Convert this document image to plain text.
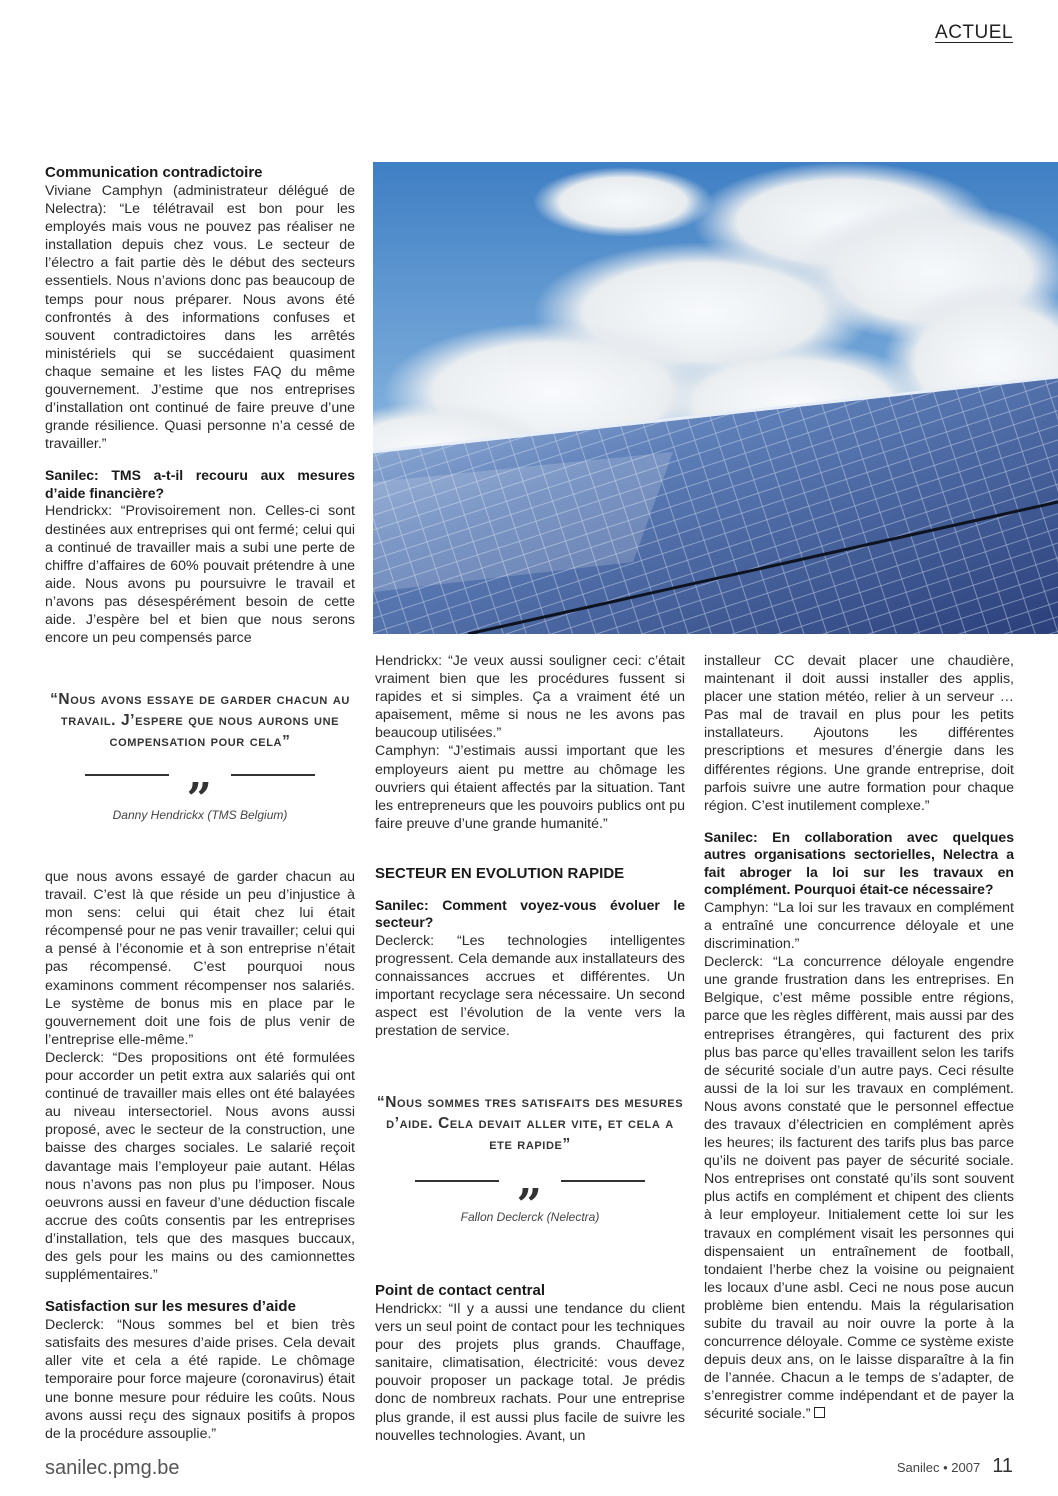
ACTUEL
Communication contradictoire

Viviane Camphyn (administrateur délégué de Nelectra): “Le télétravail est bon pour les employés mais vous ne pouvez pas réaliser ne installation depuis chez vous. Le secteur de l’électro a fait partie dès le début des secteurs essentiels. Nous n’avions donc pas beaucoup de temps pour nous préparer. Nous avons été confrontés à des informations confuses et souvent contradictoires dans les arrêtés ministériels qui se succédaient quasiment chaque semaine et les listes FAQ du même gouvernement. J’estime que nos entreprises d’installation ont continué de faire preuve d’une grande résilience. Quasi personne n’a cessé de travailler.”

Sanilec: TMS a-t-il recouru aux mesures d’aide financière?

Hendrickx: “Provisoirement non. Celles-ci sont destinées aux entreprises qui ont fermé; celui qui a continué de travailler mais a subi une perte de chiffre d’affaires de 60% pouvait prétendre à une aide. Nous avons pu poursuivre le travail et n’avons pas désespérément besoin de cette aide. J’espère bel et bien que nous serons encore un peu compensés parce

“Nous avons essaye de garder chacun au travail. J’espere que nous aurons une compensation pour cela”
„
Danny Hendrickx (TMS Belgium)

que nous avons essayé de garder chacun au travail. C’est là que réside un peu d’injustice à mon sens: celui qui était chez lui était récompensé pour ne pas venir travailler; celui qui a pensé à l’économie et à son entreprise n’était pas récompensé. C’est pourquoi nous examinons comment récompenser nos salariés. Le système de bonus mis en place par le gouvernement doit une fois de plus venir de l’entreprise elle-même.”

Declerck: “Des propositions ont été formulées pour accorder un petit extra aux salariés qui ont continué de travailler mais elles ont été balayées au niveau intersectoriel. Nous avons aussi proposé, avec le secteur de la construction, une baisse des charges sociales. Le salarié reçoit davantage mais l’employeur paie autant. Hélas nous n’avons pas non plus pu l’imposer. Nous oeuvrons aussi en faveur d’une déduction fiscale accrue des coûts consentis par les entreprises d’installation, tels que des masques buccaux, des gels pour les mains ou des camionnettes supplémentaires.”

Satisfaction sur les mesures d’aide

Declerck: “Nous sommes bel et bien très satisfaits des mesures d’aide prises. Cela devait aller vite et cela a été rapide. Le chômage temporaire pour force majeure (coronavirus) était une bonne mesure pour réduire les coûts. Nous avons aussi reçu des signaux positifs à propos de la procédure assouplie.”

Hendrickx: “Je veux aussi souligner ceci: c’était vraiment bien que les procédures fussent si rapides et si simples. Ça a vraiment été un apaisement, même si nous ne les avons pas beaucoup utilisées.”

Camphyn: “J’estimais aussi important que les employeurs aient pu mettre au chômage les ouvriers qui étaient affectés par la situation. Tant les entrepreneurs que les pouvoirs publics ont pu faire preuve d’une grande humanité.”

SECTEUR EN EVOLUTION RAPIDE
Sanilec: Comment voyez-vous évoluer le secteur?

Declerck: “Les technologies intelligentes progressent. Cela demande aux installateurs des connaissances accrues et différentes. Un important recyclage sera nécessaire. Un second aspect est l’évolution de la vente vers la prestation de service.

“Nous sommes tres satisfaits des mesures d’aide. Cela devait aller vite, et cela a ete rapide”
„
Fallon Declerck (Nelectra)
Point de contact central

Hendrickx: “Il y a aussi une tendance du client vers un seul point de contact pour les techniques pour des projets plus grands. Chauffage, sanitaire, climatisation, électricité: vous devez pouvoir proposer un package total. Je prédis donc de nombreux rachats. Pour une entreprise plus grande, il est aussi plus facile de suivre les nouvelles technologies. Avant, un

installeur CC devait placer une chaudière, maintenant il doit aussi installer des applis, placer une station météo, relier à un serveur … Pas mal de travail en plus pour les petits installateurs. Ajoutons les différentes prescriptions et mesures d’énergie dans les différentes régions. Une grande entreprise, doit parfois suivre une autre formation pour chaque région. C’est inutilement complexe.”

Sanilec: En collaboration avec quelques autres organisations sectorielles, Nelectra a fait abroger la loi sur les travaux en complément. Pourquoi était-ce nécessaire?

Camphyn: “La loi sur les travaux en complément a entraîné une concurrence déloyale et une discrimination.”

Declerck: “La concurrence déloyale engendre une grande frustration dans les entreprises. En Belgique, c’est même possible entre régions, parce que les règles diffèrent, mais aussi par des entreprises étrangères, qui facturent des prix plus bas parce qu’elles travaillent selon les tarifs de sécurité sociale d’un autre pays. Ceci résulte aussi de la loi sur les travaux en complément. Nous avons constaté que le personnel effectue des travaux d’électricien en complément après les heures; ils facturent des tarifs plus bas parce qu’ils ne doivent pas payer de sécurité sociale. Nos entreprises ont constaté qu’ils sont souvent plus actifs en complément et chipent des clients à leur employeur. Initialement cette loi sur les travaux en complément visait les personnes qui dispensaient un entraînement de football, tondaient l’herbe chez la voisine ou peignaient les locaux d’une asbl. Ceci ne nous pose aucun problème bien entendu. Mais la régularisation subite du travail au noir ouvre la porte à la concurrence déloyale. Comme ce système existe depuis deux ans, on le laisse disparaître à la fin de l’année. Chacun a le temps de s’adapter, de s’enregistrer comme indépendant et de payer la sécurité sociale.”

sanilec.pmg.be	Sanilec • 2007 11
